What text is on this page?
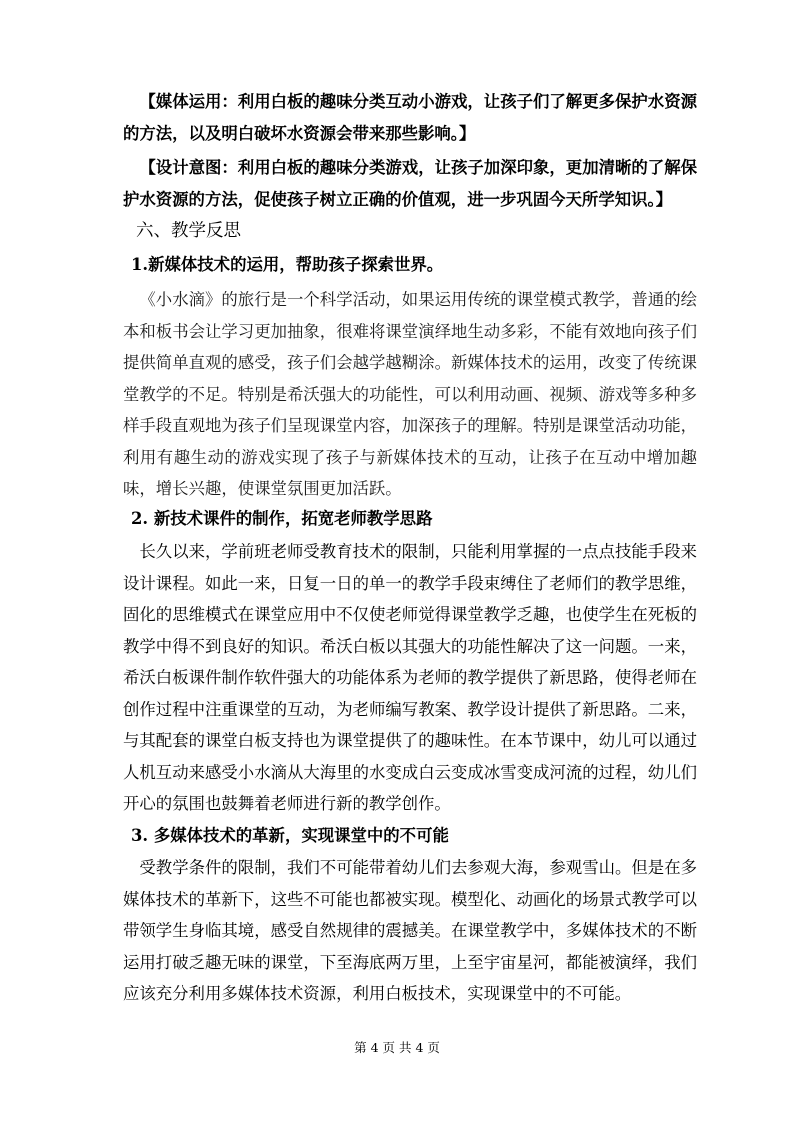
【媒体运用：利用白板的趣味分类互动小游戏，让孩子们了解更多保护水资源的方法，以及明白破坏水资源会带来那些影响。】

【设计意图：利用白板的趣味分类游戏，让孩子加深印象，更加清晰的了解保护水资源的方法，促使孩子树立正确的价值观，进一步巩固今天所学知识。】

六、教学反思

1.新媒体技术的运用，帮助孩子探索世界。

《小水滴》的旅行是一个科学活动，如果运用传统的课堂模式教学，普通的绘本和板书会让学习更加抽象，很难将课堂演绎地生动多彩，不能有效地向孩子们提供简单直观的感受，孩子们会越学越糊涂。新媒体技术的运用，改变了传统课堂教学的不足。特别是希沃强大的功能性，可以利用动画、视频、游戏等多种多样手段直观地为孩子们呈现课堂内容，加深孩子的理解。特别是课堂活动功能，利用有趣生动的游戏实现了孩子与新媒体技术的互动，让孩子在互动中增加趣味，增长兴趣，使课堂氛围更加活跃。

2. 新技术课件的制作，拓宽老师教学思路

长久以来，学前班老师受教育技术的限制，只能利用掌握的一点点技能手段来设计课程。如此一来，日复一日的单一的教学手段束缚住了老师们的教学思维，固化的思维模式在课堂应用中不仅使老师觉得课堂教学乏趣，也使学生在死板的教学中得不到良好的知识。希沃白板以其强大的功能性解决了这一问题。一来，希沃白板课件制作软件强大的功能体系为老师的教学提供了新思路，使得老师在创作过程中注重课堂的互动，为老师编写教案、教学设计提供了新思路。二来，与其配套的课堂白板支持也为课堂提供了的趣味性。在本节课中，幼儿可以通过人机互动来感受小水滴从大海里的水变成白云变成冰雪变成河流的过程，幼儿们开心的氛围也鼓舞着老师进行新的教学创作。

3. 多媒体技术的革新，实现课堂中的不可能

受教学条件的限制，我们不可能带着幼儿们去参观大海，参观雪山。但是在多媒体技术的革新下，这些不可能也都被实现。模型化、动画化的场景式教学可以带领学生身临其境，感受自然规律的震撼美。在课堂教学中，多媒体技术的不断运用打破乏趣无味的课堂，下至海底两万里，上至宇宙星河，都能被演绎，我们应该充分利用多媒体技术资源，利用白板技术，实现课堂中的不可能。

第 4 页 共 4 页
